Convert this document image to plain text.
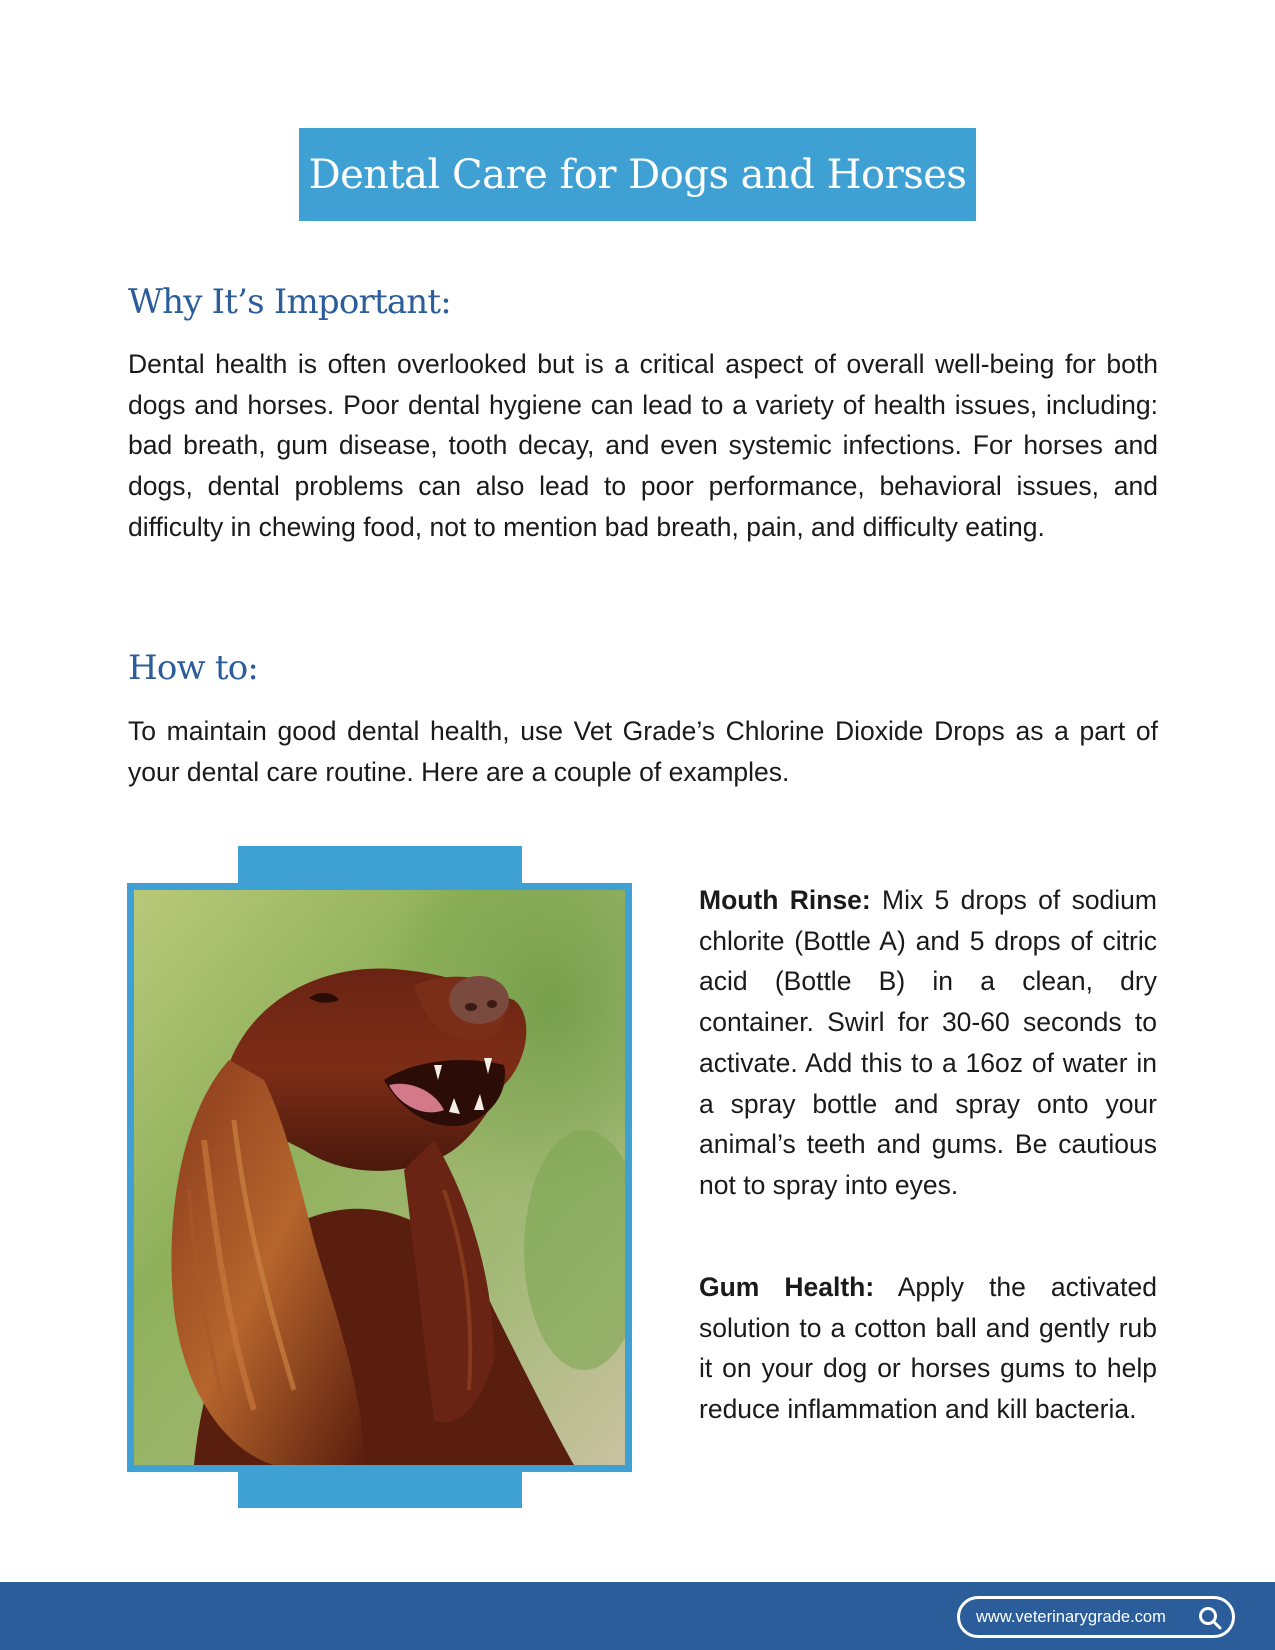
Dental Care for Dogs and Horses
Why It’s Important:

Dental health is often overlooked but is a critical aspect of overall well-being for both dogs and horses. Poor dental hygiene can lead to a variety of health issues, including: bad breath, gum disease, tooth decay, and even systemic infections. For horses and dogs, dental problems can also lead to poor performance, behavioral issues, and difficulty in chewing food, not to mention bad breath, pain, and difficulty eating.

How to:

To maintain good dental health, use Vet Grade’s Chlorine Dioxide Drops as a part of your dental care routine. Here are a couple of examples.

Mouth Rinse: Mix 5 drops of sodium chlorite (Bottle A) and 5 drops of citric acid (Bottle B) in a clean, dry container. Swirl for 30-60 seconds to activate. Add this to a 16oz of water in a spray bottle and spray onto your animal’s teeth and gums. Be cautious not to spray into eyes.

Gum Health: Apply the activated solution to a cotton ball and gently rub it on your dog or horses gums to help reduce inflammation and kill bacteria.

www.veterinarygrade.com
